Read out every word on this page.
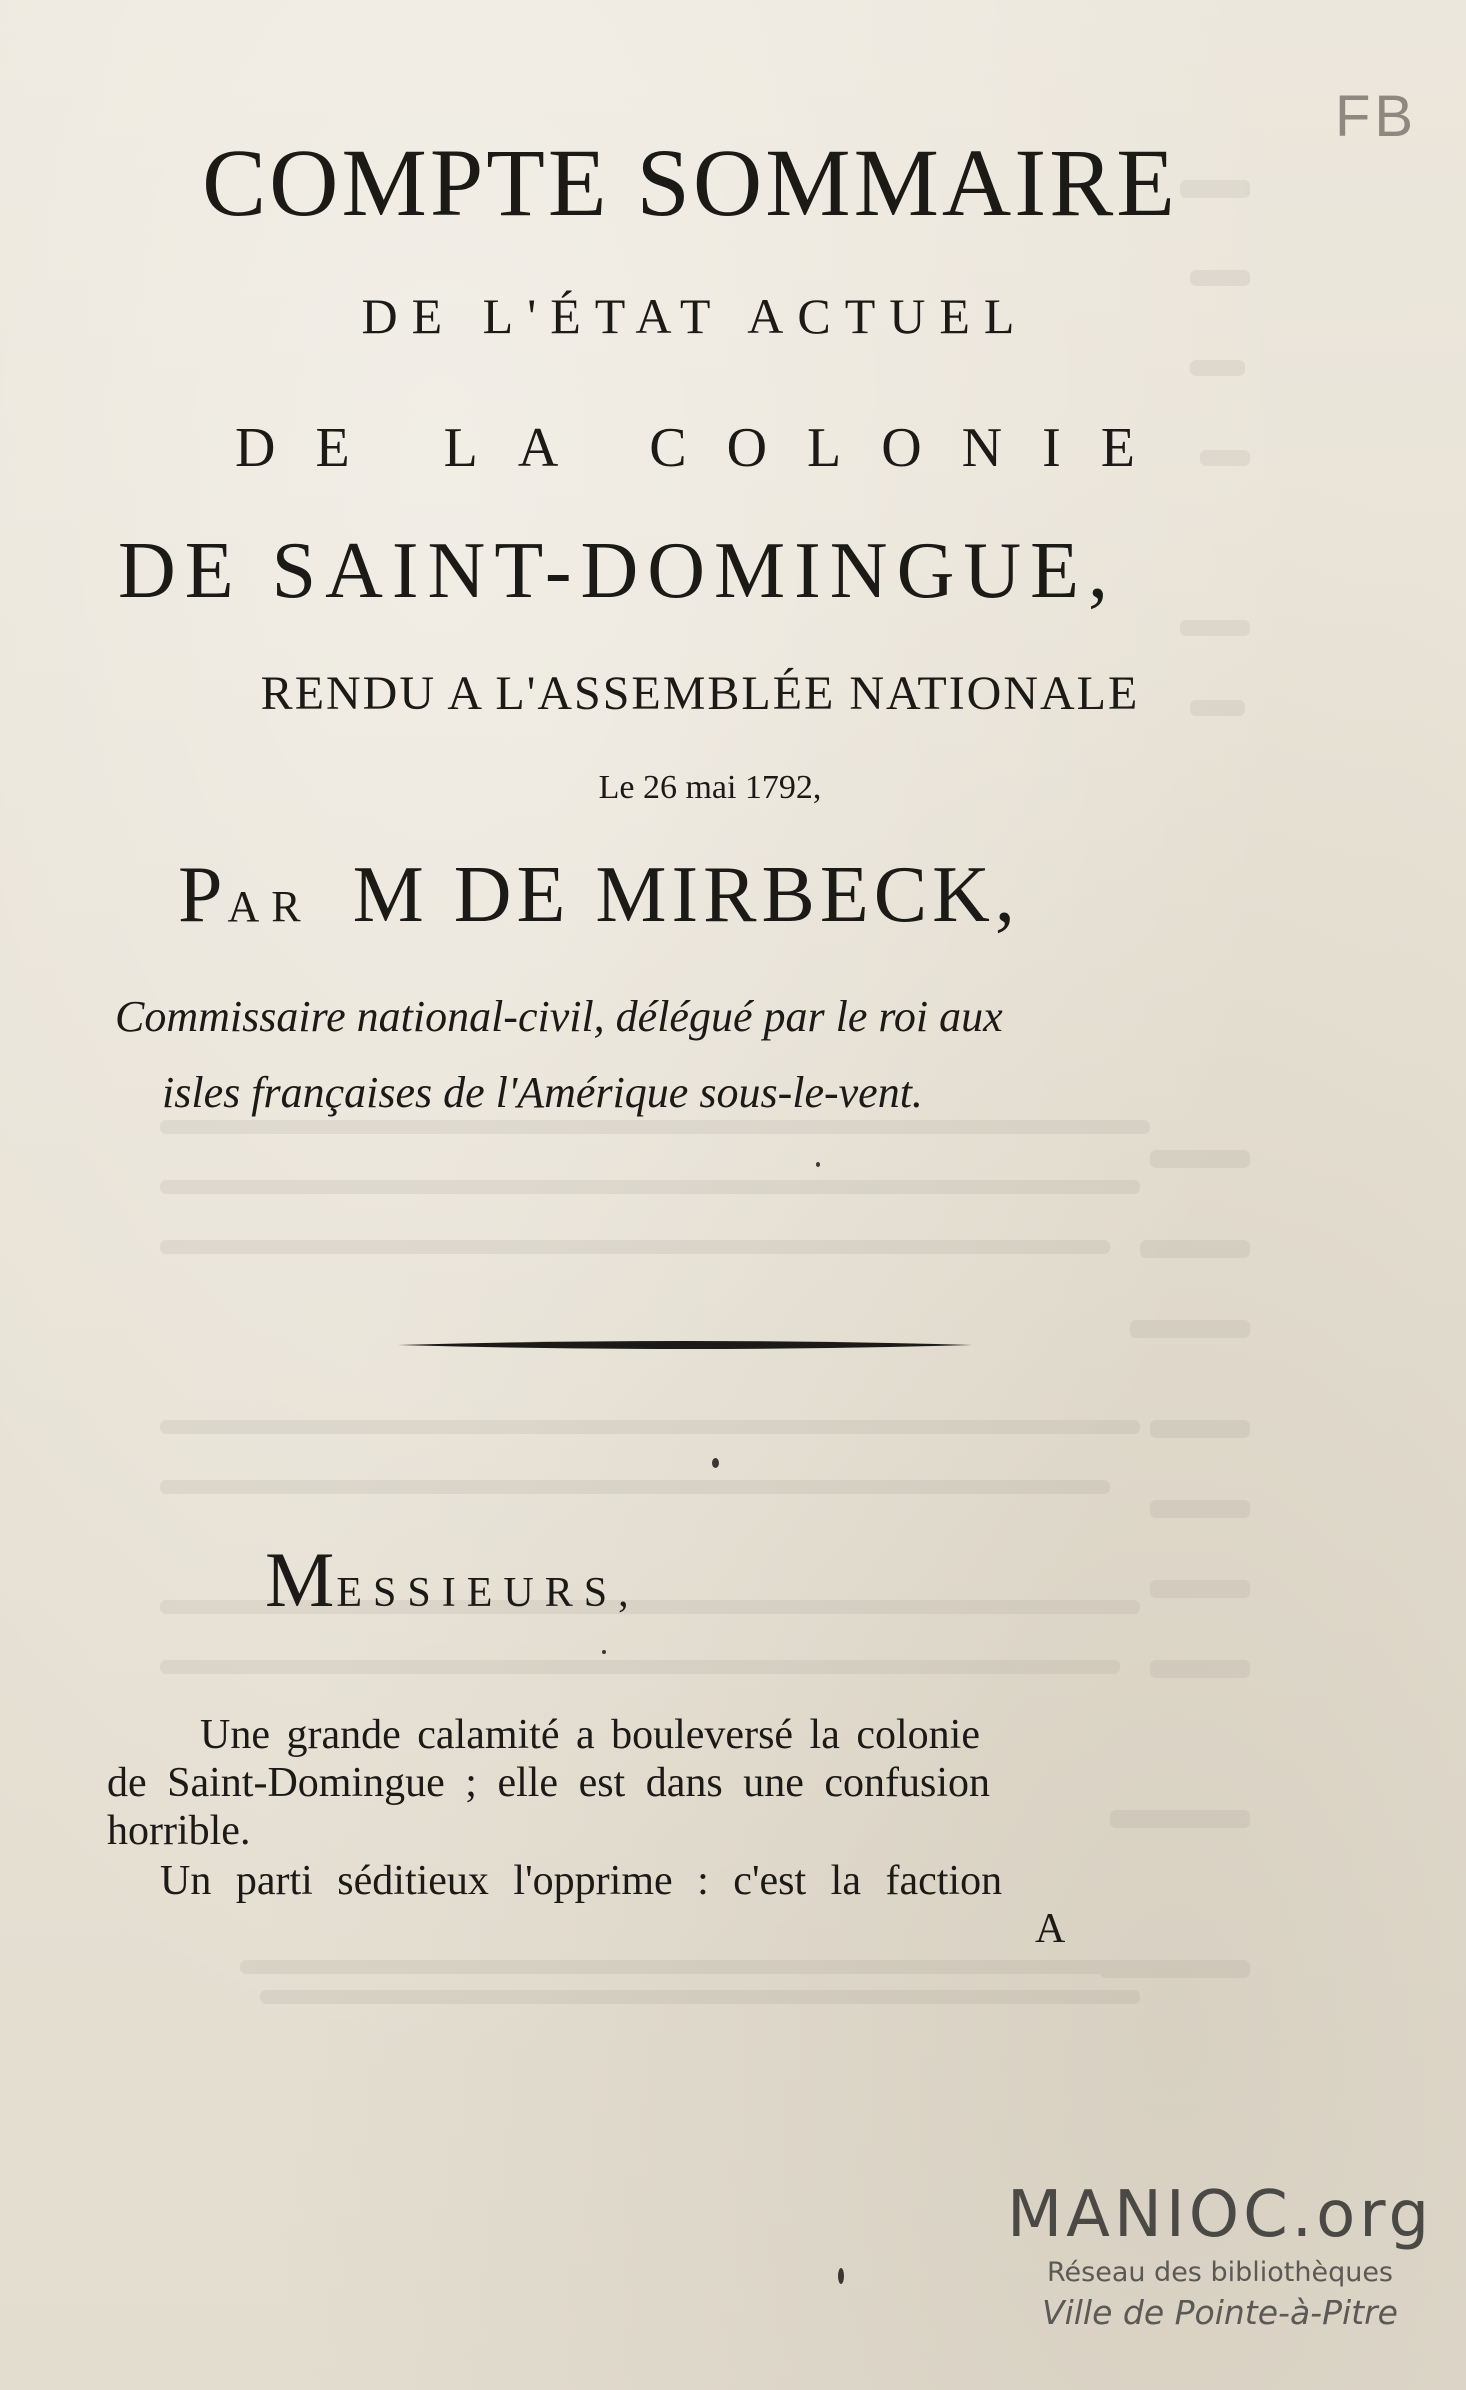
COMPTE SOMMAIRE
DE L'ÉTAT ACTUEL
DE LA COLONIE
DE SAINT-DOMINGUE,
RENDU A L'ASSEMBLÉE NATIONALE
Le 26 mai 1792,
PAR M DE MIRBECK,
Commissaire national-civil, délégué par le roi aux
isles françaises de l'Amérique sous-le-vent.
MESSIEURS,
Une grande calamité a bouleversé la colonie
de Saint-Domingue ; elle est dans une confusion
horrible.
Un parti séditieux l'opprime : c'est la faction
A
FB
MANIOC.org
Réseau des bibliothèques
Ville de Pointe-à-Pitre
